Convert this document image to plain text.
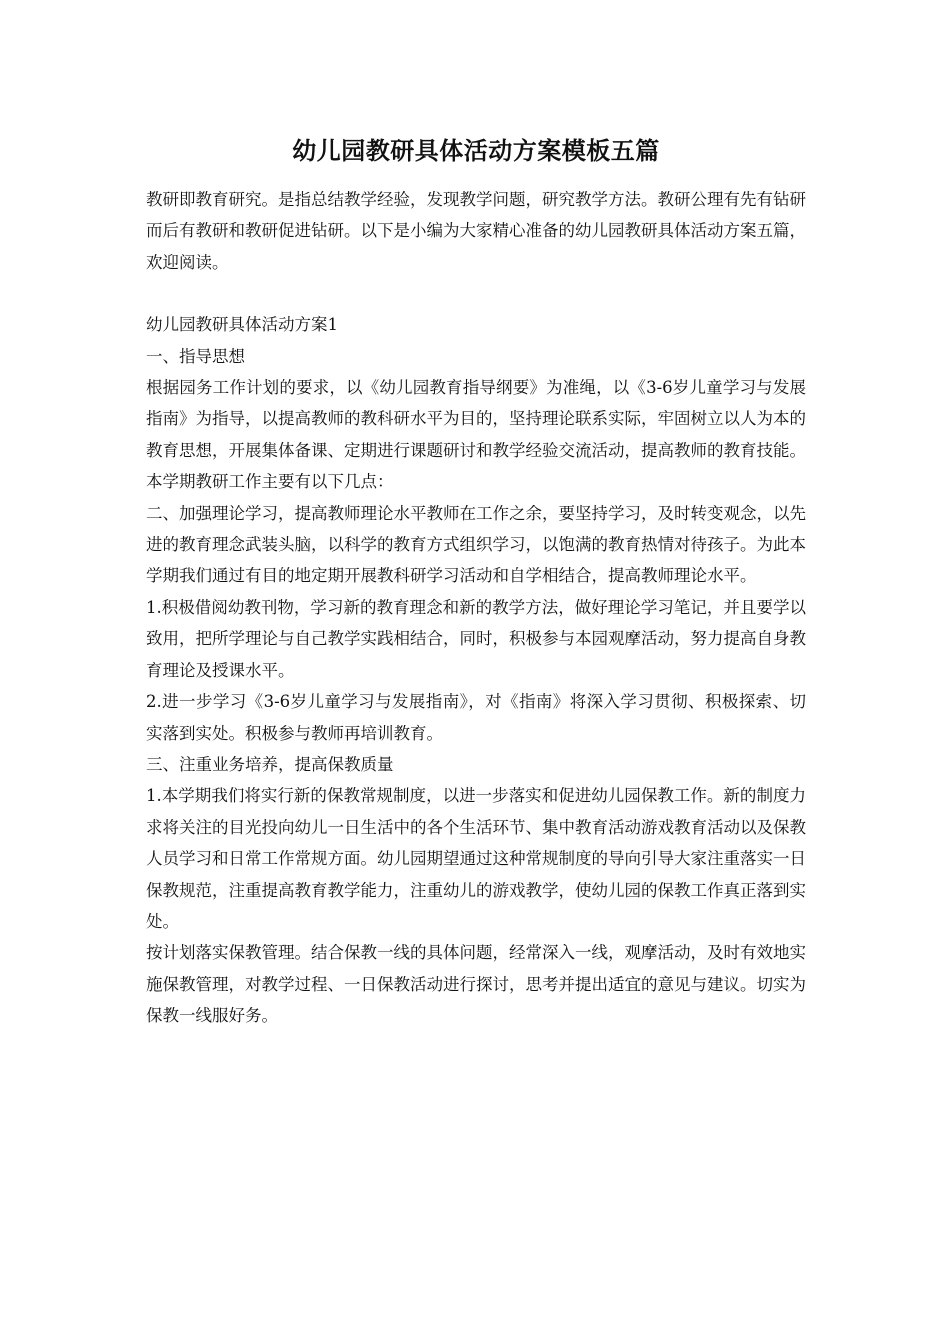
幼儿园教研具体活动方案模板五篇

教研即教育研究。是指总结教学经验，发现教学问题，研究教学方法。教研公理有先有钻研而后有教研和教研促进钻研。以下是小编为大家精心准备的幼儿园教研具体活动方案五篇，欢迎阅读。

幼儿园教研具体活动方案1

一、指导思想

根据园务工作计划的要求，以《幼儿园教育指导纲要》为准绳，以《3-6岁儿童学习与发展指南》为指导，以提高教师的教科研水平为目的，坚持理论联系实际，牢固树立以人为本的教育思想，开展集体备课、定期进行课题研讨和教学经验交流活动，提高教师的教育技能。本学期教研工作主要有以下几点：

二、加强理论学习，提高教师理论水平教师在工作之余，要坚持学习，及时转变观念，以先进的教育理念武装头脑，以科学的教育方式组织学习，以饱满的教育热情对待孩子。为此本学期我们通过有目的地定期开展教科研学习活动和自学相结合，提高教师理论水平。

1.积极借阅幼教刊物，学习新的教育理念和新的教学方法，做好理论学习笔记，并且要学以致用，把所学理论与自己教学实践相结合，同时，积极参与本园观摩活动，努力提高自身教育理论及授课水平。

2.进一步学习《3-6岁儿童学习与发展指南》，对《指南》将深入学习贯彻、积极探索、切实落到实处。积极参与教师再培训教育。

三、注重业务培养，提高保教质量

1.本学期我们将实行新的保教常规制度，以进一步落实和促进幼儿园保教工作。新的制度力求将关注的目光投向幼儿一日生活中的各个生活环节、集中教育活动游戏教育活动以及保教人员学习和日常工作常规方面。幼儿园期望通过这种常规制度的导向引导大家注重落实一日保教规范，注重提高教育教学能力，注重幼儿的游戏教学，使幼儿园的保教工作真正落到实处。

按计划落实保教管理。结合保教一线的具体问题，经常深入一线，观摩活动，及时有效地实施保教管理，对教学过程、一日保教活动进行探讨，思考并提出适宜的意见与建议。切实为保教一线服好务。
